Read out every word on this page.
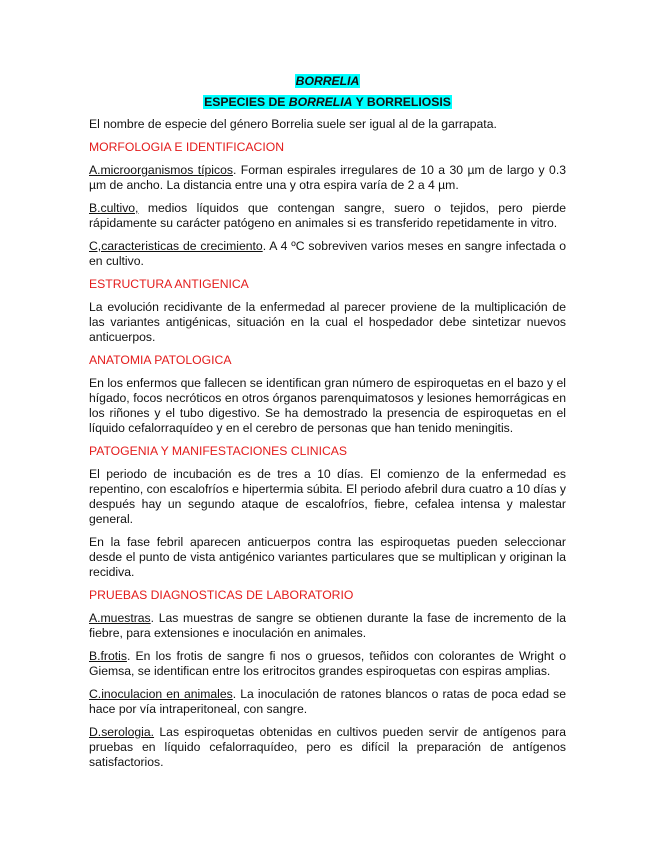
BORRELIA
ESPECIES DE BORRELIA Y BORRELIOSIS

El nombre de especie del género Borrelia suele ser igual al de la garrapata.

MORFOLOGIA E IDENTIFICACION

A.microorganismos típicos. Forman espirales irregulares de 10 a 30 µm de largo y 0.3 µm de ancho. La distancia entre una y otra espira varía de 2 a 4 µm.

B.cultivo, medios líquidos que contengan sangre, suero o tejidos, pero pierde rápidamente su carácter patógeno en animales si es transferido repetidamente in vitro.

C,caracteristicas de crecimiento. A 4 ºC sobreviven varios meses en sangre infectada o en cultivo.

ESTRUCTURA ANTIGENICA

La evolución recidivante de la enfermedad al parecer proviene de la multiplicación de las variantes antigénicas, situación en la cual el hospedador debe sintetizar nuevos anticuerpos.

ANATOMIA PATOLOGICA

En los enfermos que fallecen se identifican gran número de espiroquetas en el bazo y el hígado, focos necróticos en otros órganos parenquimatosos y lesiones hemorrágicas en los riñones y el tubo digestivo. Se ha demostrado la presencia de espiroquetas en el líquido cefalorraquídeo y en el cerebro de personas que han tenido meningitis.

PATOGENIA Y MANIFESTACIONES CLINICAS

El periodo de incubación es de tres a 10 días. El comienzo de la enfermedad es repentino, con escalofríos e hipertermia súbita. El periodo afebril dura cuatro a 10 días y después hay un segundo ataque de escalofríos, fiebre, cefalea intensa y malestar general.

En la fase febril aparecen anticuerpos contra las espiroquetas pueden seleccionar desde el punto de vista antigénico variantes particulares que se multiplican y originan la recidiva.

PRUEBAS DIAGNOSTICAS DE LABORATORIO

A.muestras. Las muestras de sangre se obtienen durante la fase de incremento de la fiebre, para extensiones e inoculación en animales.

B.frotis. En los frotis de sangre fi nos o gruesos, teñidos con colorantes de Wright o Giemsa, se identifican entre los eritrocitos grandes espiroquetas con espiras amplias.

C.inoculacion en animales. La inoculación de ratones blancos o ratas de poca edad se hace por vía intraperitoneal, con sangre.

D.serologia. Las espiroquetas obtenidas en cultivos pueden servir de antígenos para pruebas en líquido cefalorraquídeo, pero es difícil la preparación de antígenos satisfactorios.
